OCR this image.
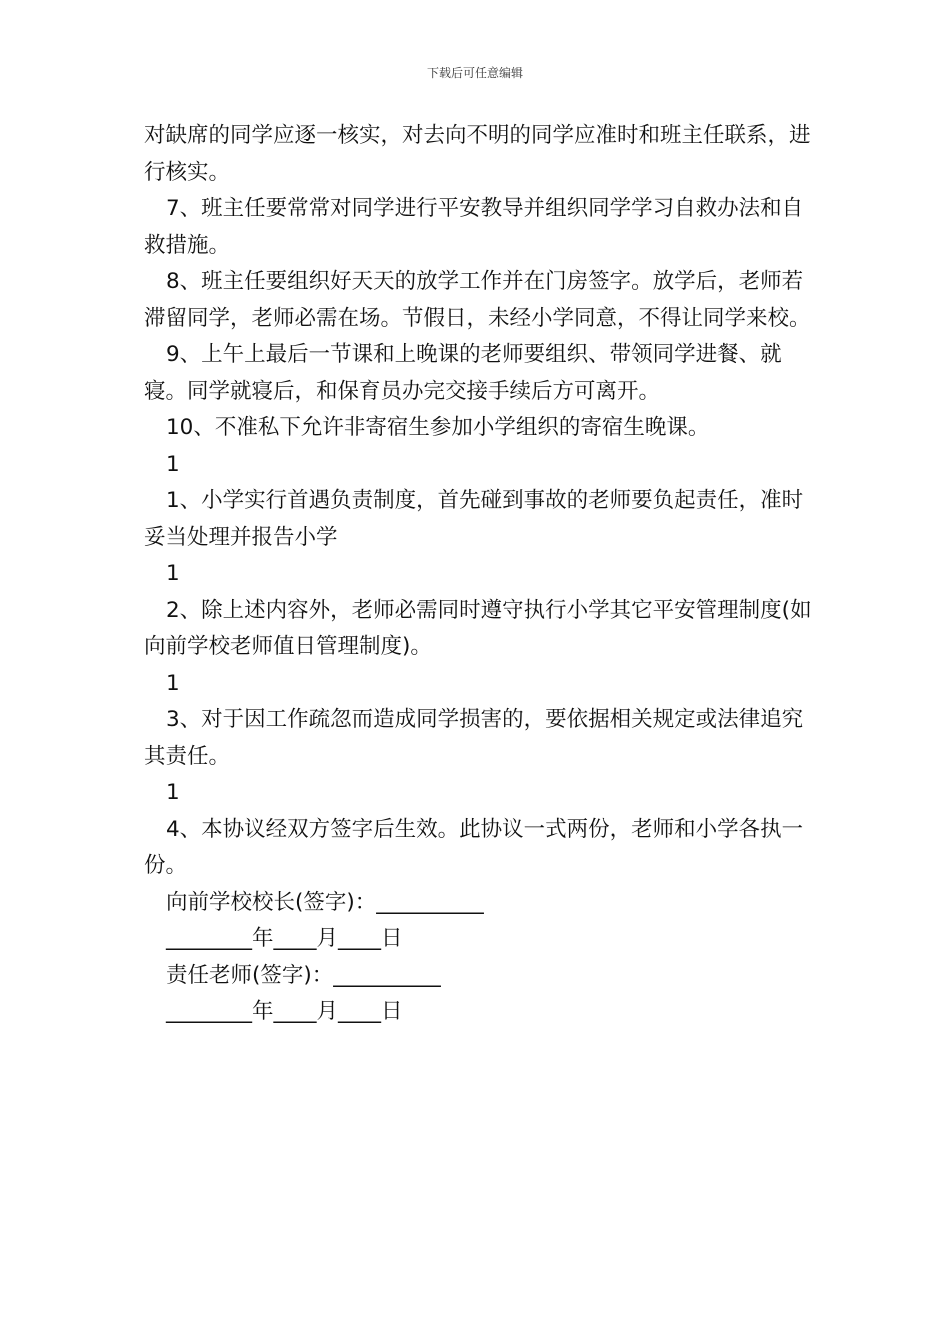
下载后可任意编辑

对缺席的同学应逐一核实，对去向不明的同学应准时和班主任联系，进行核实。

7、班主任要常常对同学进行平安教导并组织同学学习自救办法和自救措施。

8、班主任要组织好天天的放学工作并在门房签字。放学后，老师若滞留同学，老师必需在场。节假日，未经小学同意，不得让同学来校。

9、上午上最后一节课和上晚课的老师要组织、带领同学进餐、就寝。同学就寝后，和保育员办完交接手续后方可离开。

10、不准私下允许非寄宿生参加小学组织的寄宿生晚课。

1

1、小学实行首遇负责制度，首先碰到事故的老师要负起责任，准时妥当处理并报告小学

1

2、除上述内容外，老师必需同时遵守执行小学其它平安管理制度(如向前学校老师值日管理制度)。

1

3、对于因工作疏忽而造成同学损害的，要依据相关规定或法律追究其责任。

1

4、本协议经双方签字后生效。此协议一式两份，老师和小学各执一份。

向前学校校长(签字)：__________

________年____月____日

责任老师(签字)：__________

________年____月____日
